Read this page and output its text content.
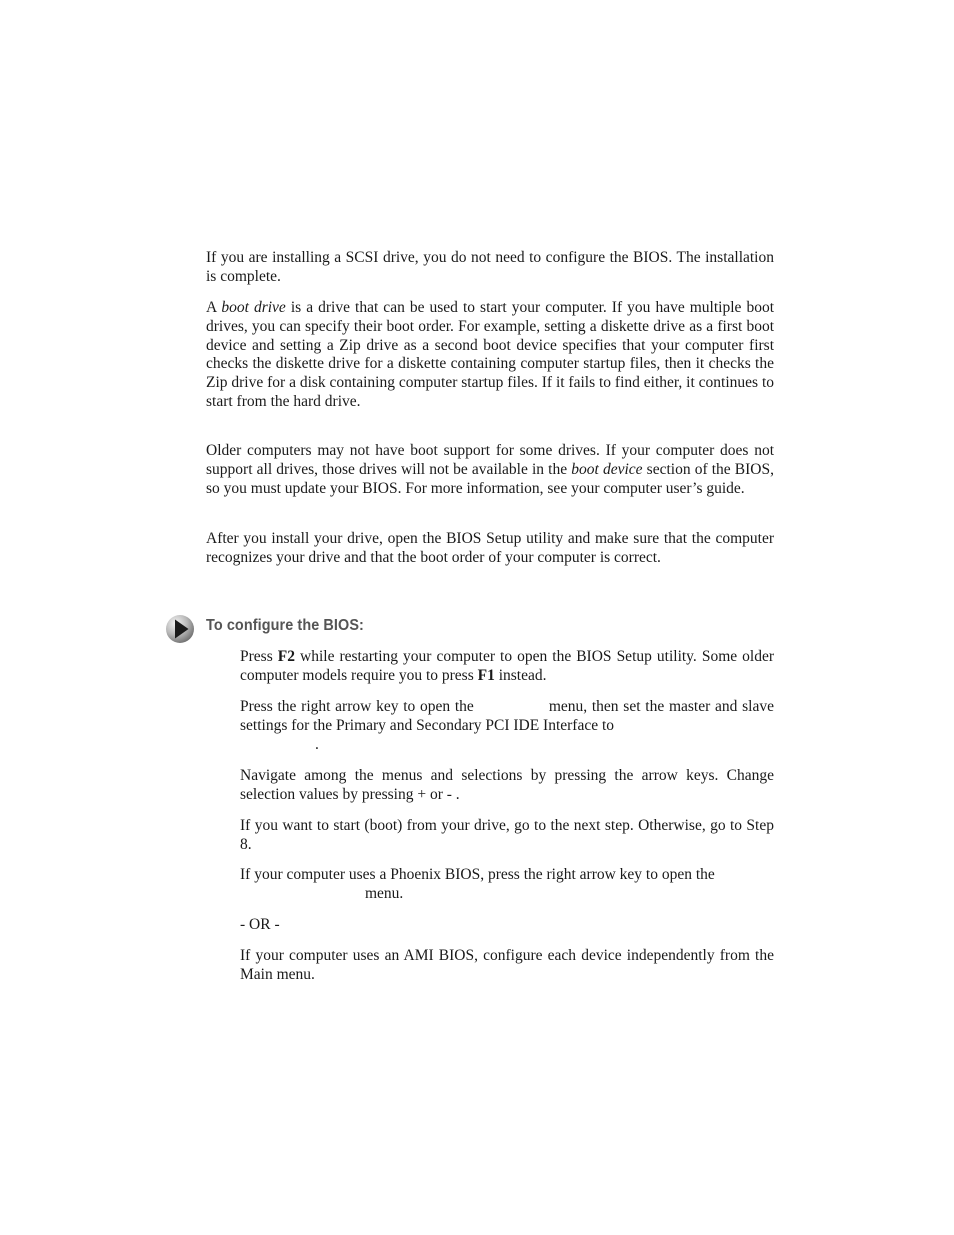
If you are installing a SCSI drive, you do not need to configure the BIOS. The installation is complete.

A boot drive is a drive that can be used to start your computer. If you have multiple boot drives, you can specify their boot order. For example, setting a diskette drive as a first boot device and setting a Zip drive as a second boot device specifies that your computer first checks the diskette drive for a diskette containing computer startup files, then it checks the Zip drive for a disk containing computer startup files. If it fails to find either, it continues to start from the hard drive.

Older computers may not have boot support for some drives. If your computer does not support all drives, those drives will not be available in the boot device section of the BIOS, so you must update your BIOS. For more information, see your computer user’s guide.

After you install your drive, open the BIOS Setup utility and make sure that the computer recognizes your drive and that the boot order of your computer is correct.

To configure the BIOS:

Press F2 while restarting your computer to open the BIOS Setup utility. Some older computer models require you to press F1 instead.

Press the right arrow key to open the	menu, then set the master and slave settings for the Primary and Secondary PCI IDE Interface to
.

Navigate among the menus and selections by pressing the arrow keys. Change selection values by pressing + or - .

If you want to start (boot) from your drive, go to the next step. Otherwise, go to Step 8.

If your computer uses a Phoenix BIOS, press the right arrow key to open the
menu.

- OR -

If your computer uses an AMI BIOS, configure each device independently from the Main menu.
